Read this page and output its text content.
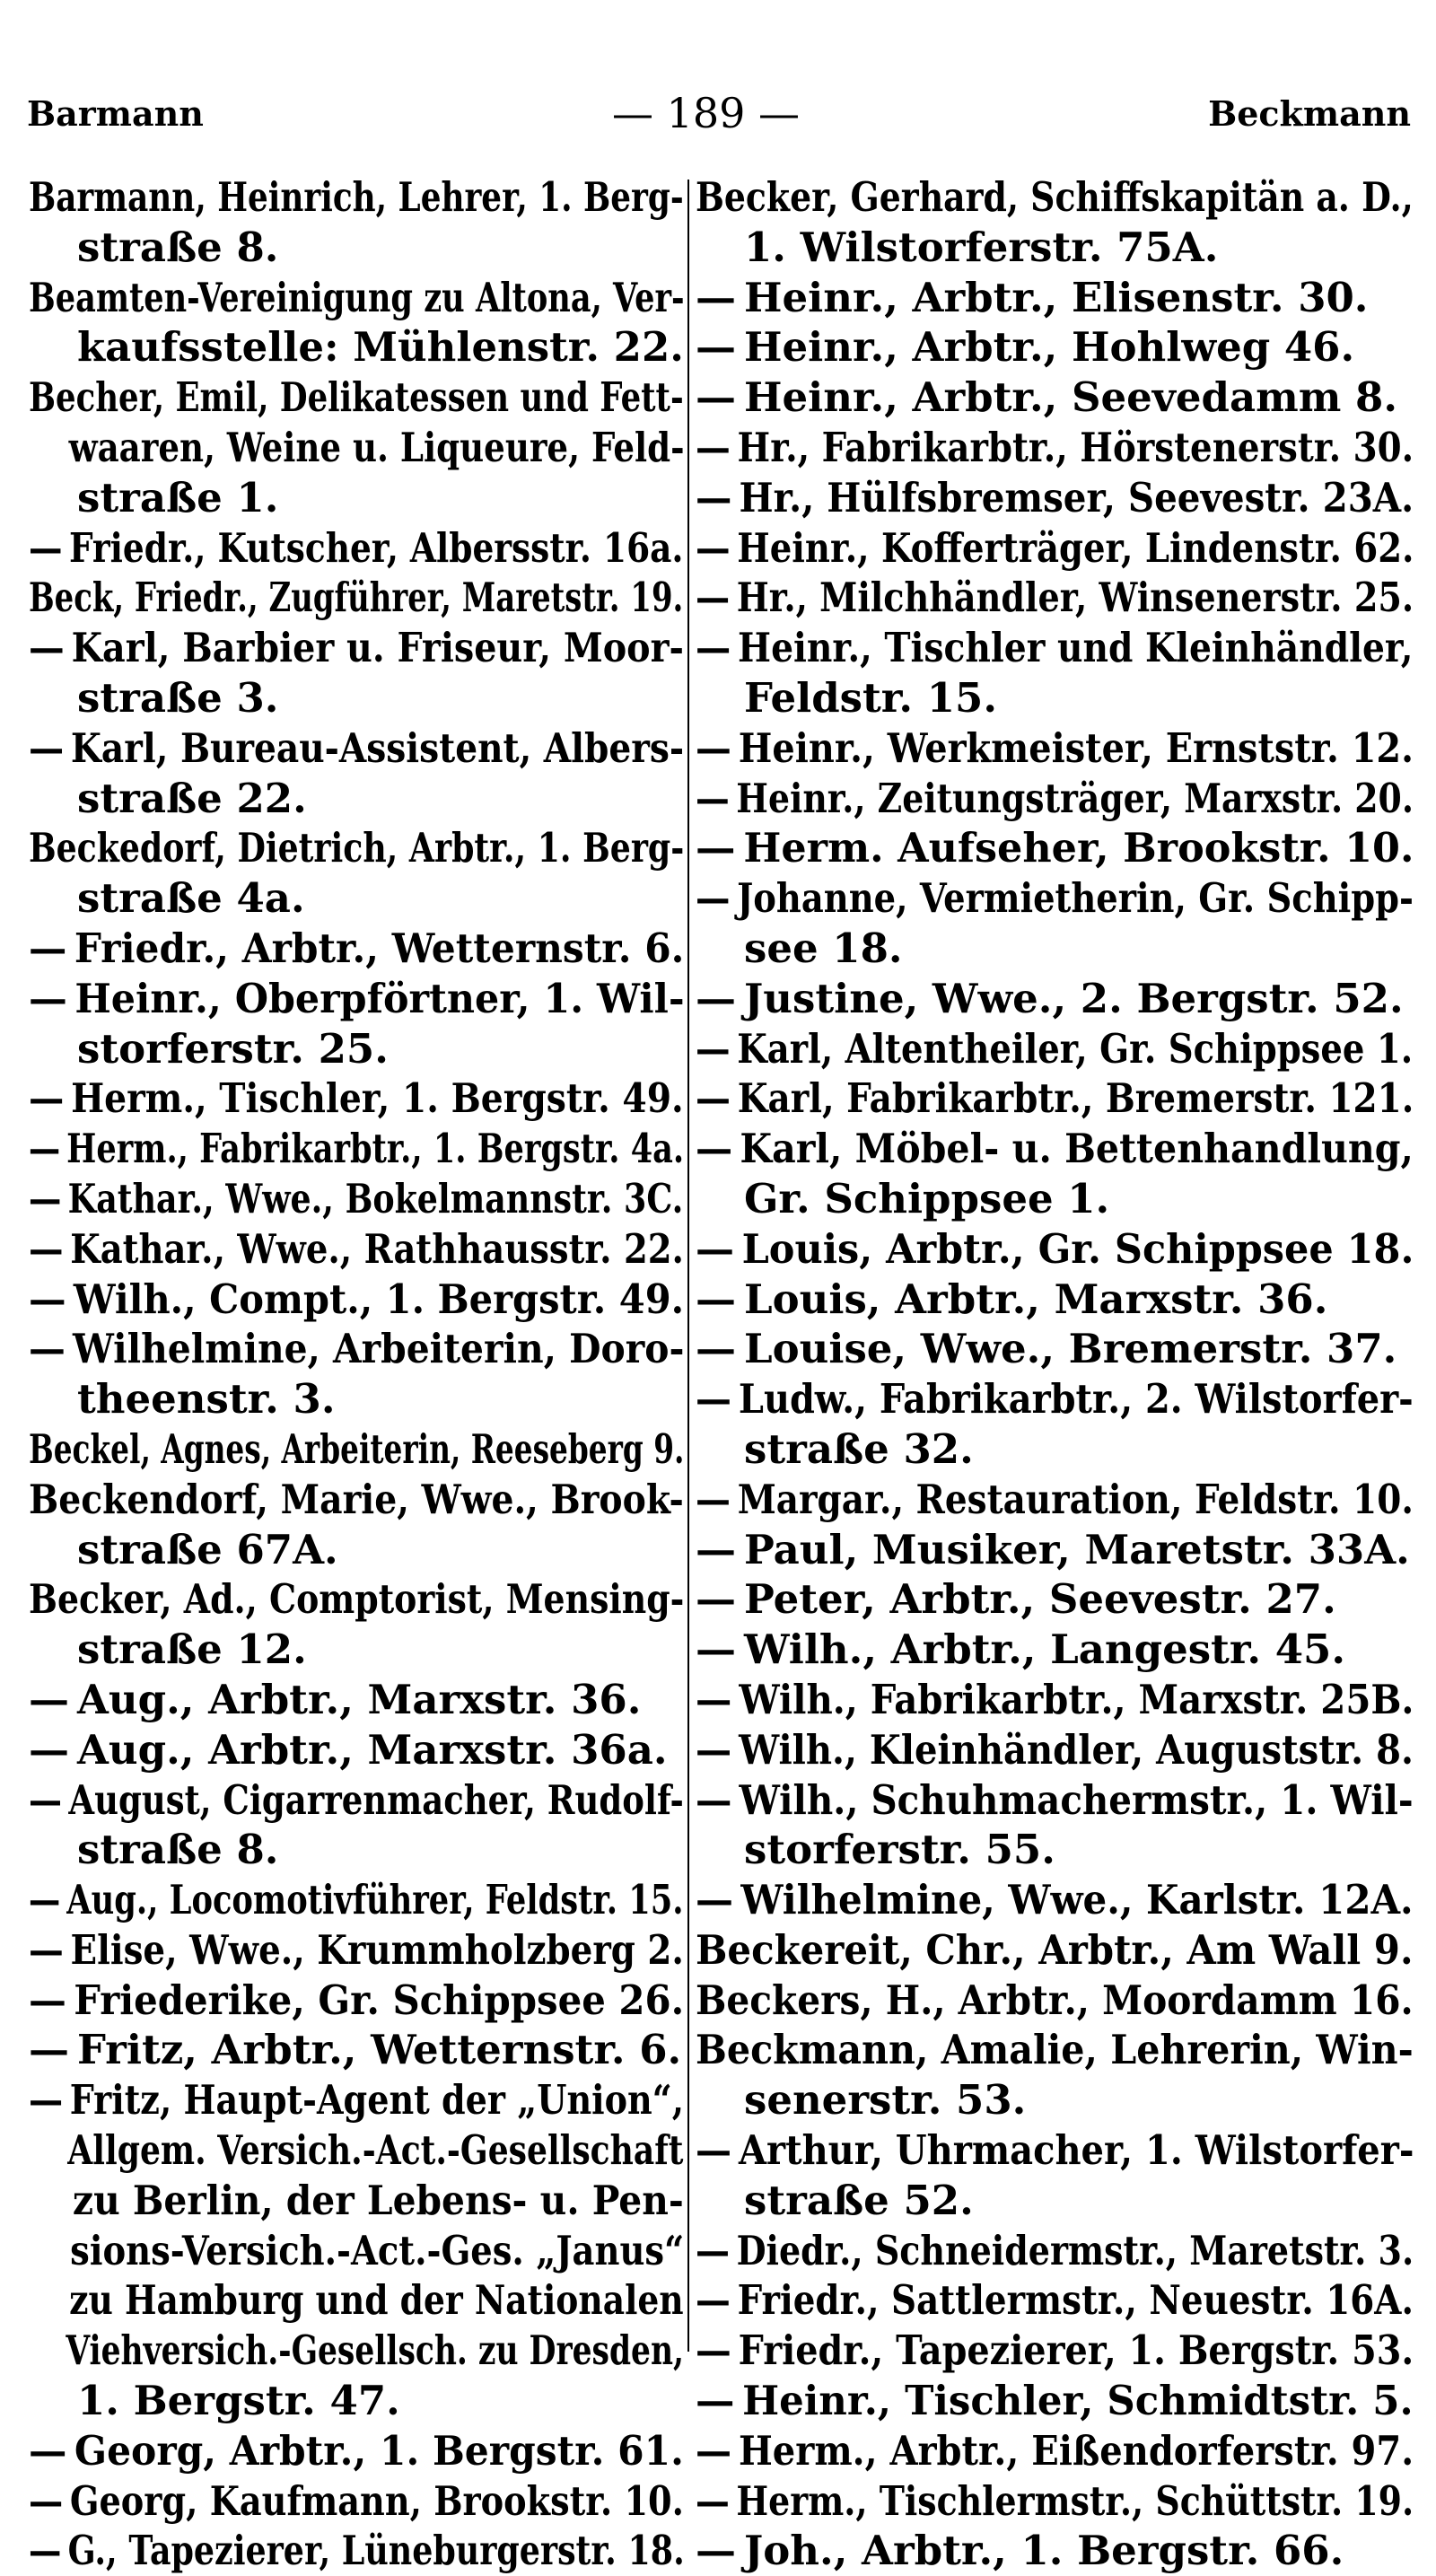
Barmann	— 189 —	Beckmann
Barmann, Heinrich, Lehrer, 1. Berg-
straße 8.
Beamten-Vereinigung zu Altona, Ver-
kaufsstelle: Mühlenstr. 22.
Becher, Emil, Delikatessen und Fett-
waaren, Weine u. Liqueure, Feld-
straße 1.
— Friedr., Kutscher, Albersstr. 16a.
Beck, Friedr., Zugführer, Maretstr. 19.
— Karl, Barbier u. Friseur, Moor-
straße 3.
— Karl, Bureau-Assistent, Albers-
straße 22.
Beckedorf, Dietrich, Arbtr., 1. Berg-
straße 4a.
— Friedr., Arbtr., Wetternstr. 6.
— Heinr., Oberpförtner, 1. Wil-
storferstr. 25.
— Herm., Tischler, 1. Bergstr. 49.
— Herm., Fabrikarbtr., 1. Bergstr. 4a.
— Kathar., Wwe., Bokelmannstr. 3C.
— Kathar., Wwe., Rathhausstr. 22.
— Wilh., Compt., 1. Bergstr. 49.
— Wilhelmine, Arbeiterin, Doro-
theenstr. 3.
Beckel, Agnes, Arbeiterin, Reeseberg 9.
Beckendorf, Marie, Wwe., Brook-
straße 67A.
Becker, Ad., Comptorist, Mensing-
straße 12.
— Aug., Arbtr., Marxstr. 36.
— Aug., Arbtr., Marxstr. 36a.
— August, Cigarrenmacher, Rudolf-
straße 8.
— Aug., Locomotivführer, Feldstr. 15.
— Elise, Wwe., Krummholzberg 2.
— Friederike, Gr. Schippsee 26.
— Fritz, Arbtr., Wetternstr. 6.
— Fritz, Haupt-Agent der „Union“,
Allgem. Versich.-Act.-Gesellschaft
zu Berlin, der Lebens- u. Pen-
sions-Versich.-Act.-Ges. „Janus“
zu Hamburg und der Nationalen
Viehversich.-Gesellsch. zu Dresden,
1. Bergstr. 47.
— Georg, Arbtr., 1. Bergstr. 61.
— Georg, Kaufmann, Brookstr. 10.
— G., Tapezierer, Lüneburgerstr. 18.
Becker, Gerhard, Schiffskapitän a. D.,
1. Wilstorferstr. 75A.
— Heinr., Arbtr., Elisenstr. 30.
— Heinr., Arbtr., Hohlweg 46.
— Heinr., Arbtr., Seevedamm 8.
— Hr., Fabrikarbtr., Hörstenerstr. 30.
— Hr., Hülfsbremser, Seevestr. 23A.
— Heinr., Kofferträger, Lindenstr. 62.
— Hr., Milchhändler, Winsenerstr. 25.
— Heinr., Tischler und Kleinhändler,
Feldstr. 15.
— Heinr., Werkmeister, Ernststr. 12.
— Heinr., Zeitungsträger, Marxstr. 20.
— Herm. Aufseher, Brookstr. 10.
— Johanne, Vermietherin, Gr. Schipp-
see 18.
— Justine, Wwe., 2. Bergstr. 52.
— Karl, Altentheiler, Gr. Schippsee 1.
— Karl, Fabrikarbtr., Bremerstr. 121.
— Karl, Möbel- u. Bettenhandlung,
Gr. Schippsee 1.
— Louis, Arbtr., Gr. Schippsee 18.
— Louis, Arbtr., Marxstr. 36.
— Louise, Wwe., Bremerstr. 37.
— Ludw., Fabrikarbtr., 2. Wilstorfer-
straße 32.
— Margar., Restauration, Feldstr. 10.
— Paul, Musiker, Maretstr. 33A.
— Peter, Arbtr., Seevestr. 27.
— Wilh., Arbtr., Langestr. 45.
— Wilh., Fabrikarbtr., Marxstr. 25B.
— Wilh., Kleinhändler, Auguststr. 8.
— Wilh., Schuhmachermstr., 1. Wil-
storferstr. 55.
— Wilhelmine, Wwe., Karlstr. 12A.
Beckereit, Chr., Arbtr., Am Wall 9.
Beckers, H., Arbtr., Moordamm 16.
Beckmann, Amalie, Lehrerin, Win-
senerstr. 53.
— Arthur, Uhrmacher, 1. Wilstorfer-
straße 52.
— Diedr., Schneidermstr., Maretstr. 3.
— Friedr., Sattlermstr., Neuestr. 16A.
— Friedr., Tapezierer, 1. Bergstr. 53.
— Heinr., Tischler, Schmidtstr. 5.
— Herm., Arbtr., Eißendorferstr. 97.
— Herm., Tischlermstr., Schüttstr. 19.
— Joh., Arbtr., 1. Bergstr. 66.
